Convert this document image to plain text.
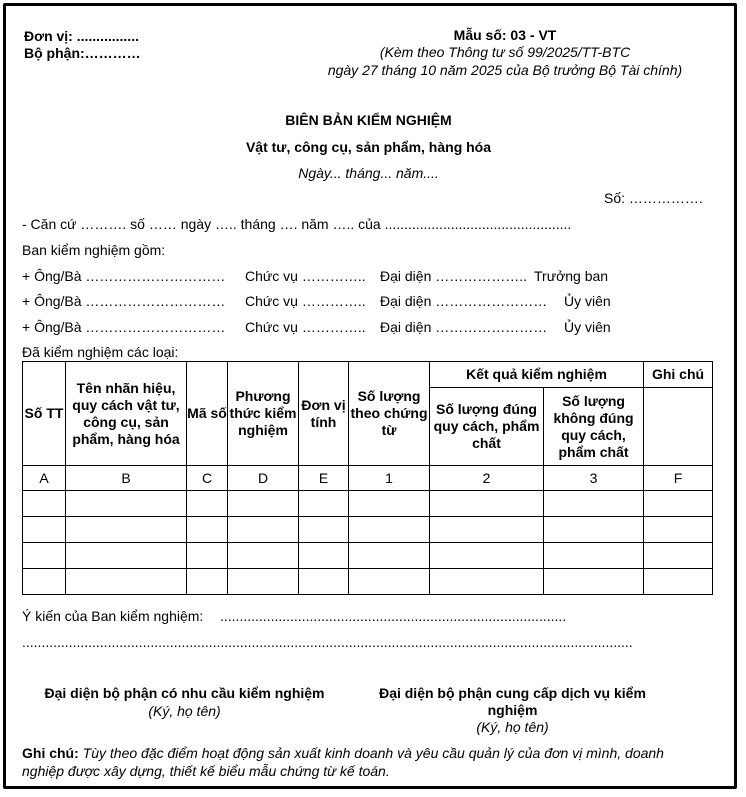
Đơn vị: ................
Bộ phận:…………
Mẫu số: 03 - VT
(Kèm theo Thông tư số 99/2025/TT-BTC
ngày 27 tháng 10 năm 2025 của Bộ trưởng Bộ Tài chính)
BIÊN BẢN KIỂM NGHIỆM
Vật tư, công cụ, sản phẩm, hàng hóa
Ngày... tháng... năm....
Số: …………….
- Căn cứ ………. số …… ngày ….. tháng …. năm ….. của ................................................
Ban kiểm nghiệm gồm:
+ Ông/Bà ………………………… Chức vụ ………….. Đại diện ……………….. Trưởng ban
+ Ông/Bà ………………………… Chức vụ ………….. Đại diện …………………… Ủy viên
+ Ông/Bà ………………………… Chức vụ ………….. Đại diện …………………… Ủy viên
Đã kiểm nghiệm các loại:
Số TT	Tên nhãn hiệu, quy cách vật tư, công cụ, sản phẩm, hàng hóa	Mã số	Phương thức kiểm nghiệm	Đơn vị tính	Số lượng theo chứng từ	Kết quả kiểm nghiệm		Ghi chú
						Số lượng đúng quy cách, phẩm chất	Số lượng không đúng quy cách, phẩm chất	
A	B	C	D	E	1	2	3	F

Ý kiến của Ban kiểm nghiệm: .........................................................................................
.............................................................................................................................................................
Đại diện bộ phận có nhu cầu kiểm nghiệm
(Ký, họ tên)
Đại diện bộ phận cung cấp dịch vụ kiểm
nghiệm
(Ký, họ tên)
Ghi chú: Tùy theo đặc điểm hoạt động sản xuất kinh doanh và yêu cầu quản lý của đơn vị mình, doanh
nghiệp được xây dựng, thiết kế biểu mẫu chứng từ kế toán.
